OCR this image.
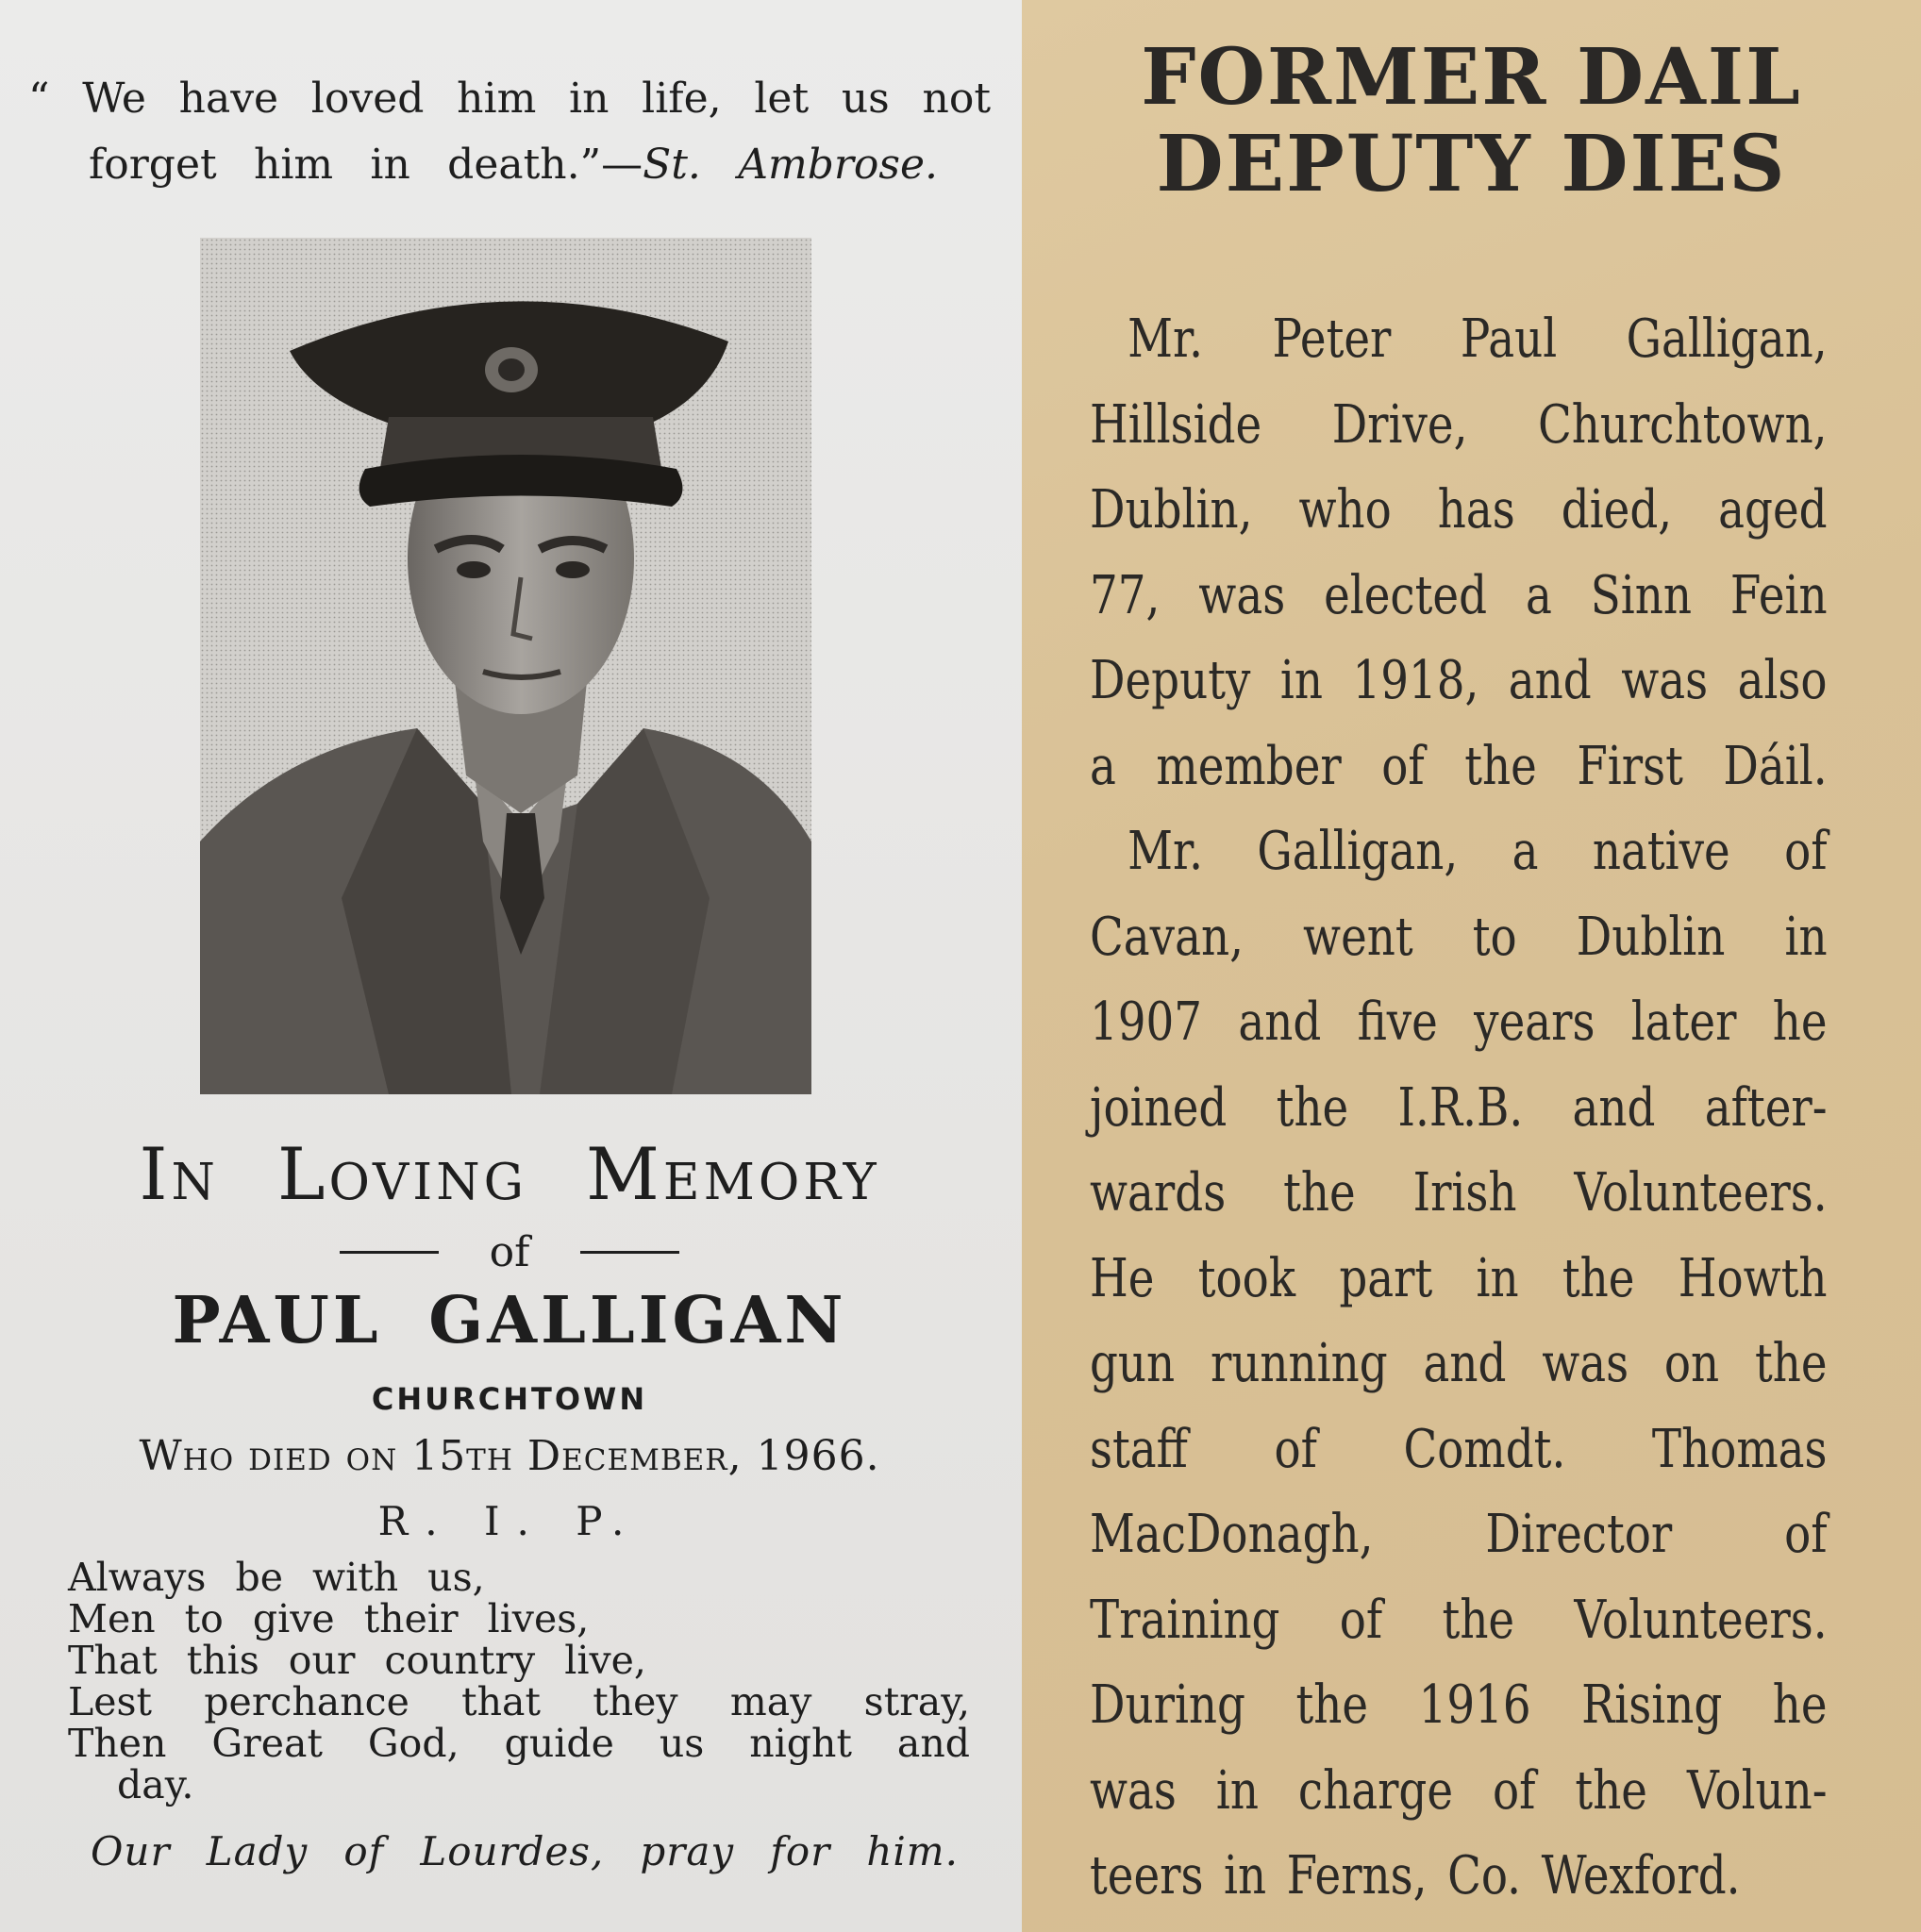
“ We have loved him in life, let us not
forget him in death.”—St. Ambrose.
In Loving Memory
of
PAUL GALLIGAN
CHURCHTOWN
Who died on 15th December, 1966.
R. I. P.
Always be with us,
Men to give their lives,
That this our country live,
Lest perchance that they may stray,
Then Great God, guide us night and
day.
Our Lady of Lourdes, pray for him.
FORMER DAIL
DEPUTY DIES
Mr. Peter Paul Galligan,
Hillside Drive, Churchtown,
Dublin, who has died, aged
77, was elected a Sinn Fein
Deputy in 1918, and was also
a member of the First Dáil.
Mr. Galligan, a native of
Cavan, went to Dublin in
1907 and five years later he
joined the I.R.B. and after-
wards the Irish Volunteers.
He took part in the Howth
gun running and was on the
staff of Comdt. Thomas
MacDonagh, Director of
Training of the Volunteers.
During the 1916 Rising he
was in charge of the Volun-
teers in Ferns, Co. Wexford.
